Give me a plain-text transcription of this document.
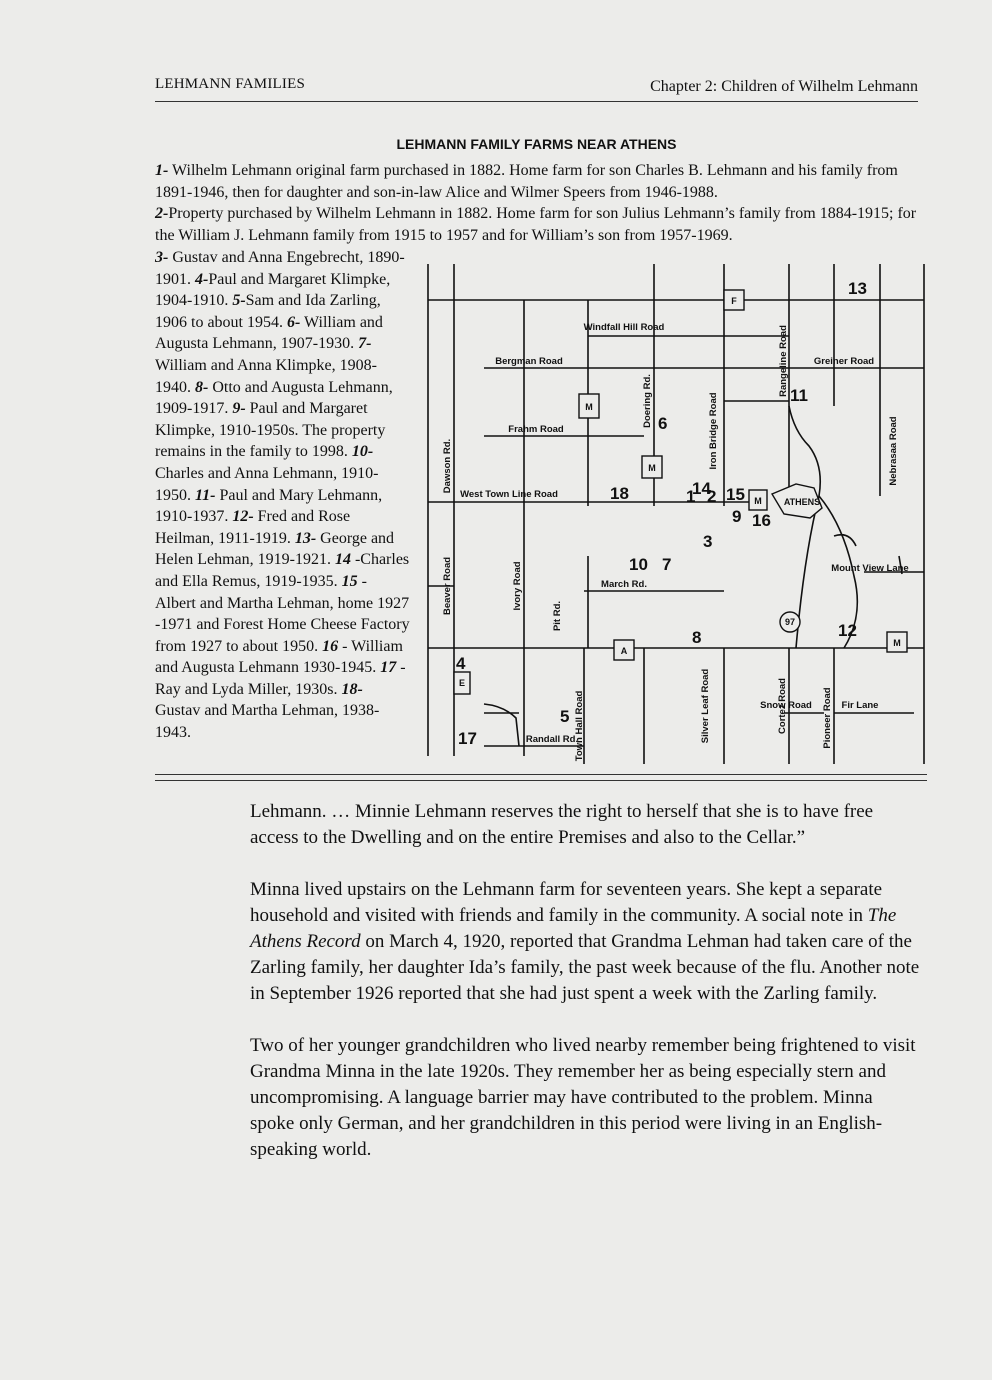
LEHMANN FAMILIES	Chapter 2: Children of Wilhelm Lehmann
LEHMANN FAMILY FARMS NEAR ATHENS

1- Wilhelm Lehmann original farm purchased in 1882. Home farm for son Charles B. Lehmann and his family from 1891-1946, then for daughter and son-in-law Alice and Wilmer Speers from 1946-1988.

2-Property purchased by Wilhelm Lehmann in 1882. Home farm for son Julius Lehmann’s family from 1884-1915; for the William J. Lehmann family from 1915 to 1957 and for William’s son from 1957-1969.

3- Gustav and Anna Engebrecht, 1890-1901. 4-Paul and Margaret Klimpke, 1904-1910. 5-Sam and Ida Zarling, 1906 to about 1954. 6- William and Augusta Lehmann, 1907-1930. 7- William and Anna Klimpke, 1908-1940. 8- Otto and Augusta Lehmann, 1909-1917. 9- Paul and Margaret Klimpke, 1910-1950s. The property remains in the family to 1998. 10- Charles and Anna Lehmann, 1910-1950. 11- Paul and Mary Lehmann, 1910-1937. 12- Fred and Rose Heilman, 1911-1919. 13- George and Helen Lehman, 1919-1921. 14 -Charles and Ella Remus, 1919-1935. 15 - Albert and Martha Lehman, home 1927 -1971 and Forest Home Cheese Factory from 1927 to about 1950. 16 - William and Augusta Lehmann 1930-1945. 17 - Ray and Lyda Miller, 1930s. 18- Gustav and Martha Lehman, 1938-1943.
F
M
M
M
A
E
M
97
ATHENS
Windfall Hill Road
Bergman Road
Frahm Road
West Town Line Road
Greiner Road
Mount View Lane
March Rd.
Snow Road	Fir Lane
Randall Rd.
Rangeline Road
Doering Rd.	Iron Bridge Road
Dawson Rd.	Nebrasaa Road
Beaver Road	Ivory Road
Pit Rd.
Town Hall Road	Silver Leaf Road	Cortez Road	Pioneer Road
1 2
3
4
5
6
7
8
9
10
11
12
13
14 15
16
17
18

Lehmann. … Minnie Lehmann reserves the right to herself that she is to have free access to the Dwelling and on the entire Premises and also to the Cellar.”

Minna lived upstairs on the Lehmann farm for seventeen years. She kept a separate household and visited with friends and family in the community. A social note in The Athens Record on March 4, 1920, reported that Grandma Lehman had taken care of the Zarling family, her daughter Ida’s family, the past week because of the flu. Another note in September 1926 reported that she had just spent a week with the Zarling family.

Two of her younger grandchildren who lived nearby remember being frightened to visit Grandma Minna in the late 1920s. They remember her as being especially stern and uncompromising. A language barrier may have contributed to the problem. Minna spoke only German, and her grandchildren in this period were living in an English-speaking world.
